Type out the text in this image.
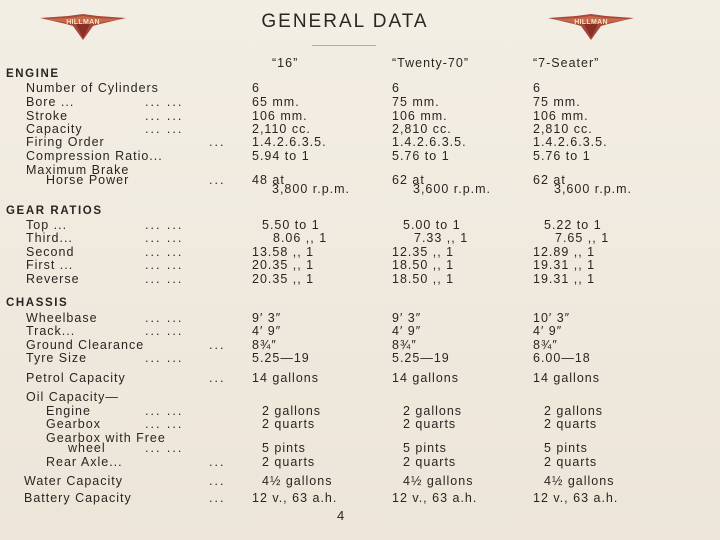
HILLMAN	HILLMAN
GENERAL DATA
“16”	“Twenty-70”	“7-Seater”
ENGINE
Number of Cylinders	6	6	6
Bore ...	... ...	65 mm.	75 mm.	75 mm.
Stroke	... ...	106 mm.	106 mm.	106 mm.
Capacity	... ...	2,110 cc.	2,810 cc.	2,810 cc.
Firing Order	... 1.4.2.6.3.5.	1.4.2.6.3.5.	1.4.2.6.3.5.
Compression Ratio...	5.94 to 1	5.76 to 1	5.76 to 1
Maximum Brake
Horse Power	... 48 at	62 at	62 at
3,800 r.p.m.	3,600 r.p.m.	3,600 r.p.m.
GEAR RATIOS
Top ...	... ...	5.50 to 1	5.00 to 1	5.22 to 1
Third...	... ...	8.06 ,, 1	7.33 ,, 1	7.65 ,, 1
Second	... ...	13.58 ,, 1	12.35 ,, 1	12.89 ,, 1
First ...	... ...	20.35 ,, 1	18.50 ,, 1	19.31 ,, 1
Reverse	... ...	20.35 ,, 1	18.50 ,, 1	19.31 ,, 1
CHASSIS
Wheelbase	... ...	9′ 3″	9′ 3″	10′ 3″
Track...	... ...	4′ 9″	4′ 9″	4′ 9″
Ground Clearance	... 8¾″	8¾″	8¾″
Tyre Size	... ...	5.25—19	5.25—19	6.00—18
Petrol Capacity	... 14 gallons	14 gallons	14 gallons
Oil Capacity—
Engine	... ...	2 gallons	2 gallons	2 gallons
Gearbox	... ...	2 quarts	2 quarts	2 quarts
Gearbox with Free
wheel	... ...	5 pints	5 pints	5 pints
Rear Axle...	...	2 quarts	2 quarts	2 quarts
Water Capacity	...	4½ gallons	4½ gallons	4½ gallons
Battery Capacity	... 12 v., 63 a.h.	12 v., 63 a.h.	12 v., 63 a.h.
4
